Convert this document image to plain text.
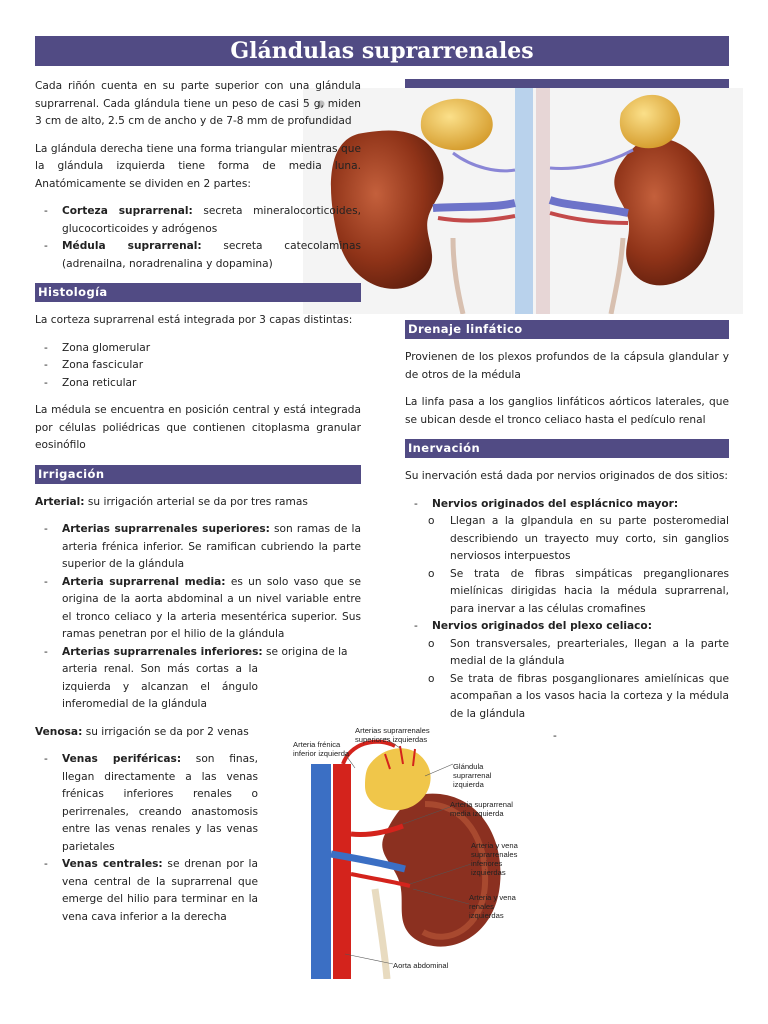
Glándulas suprarrenales

Cada riñón cuenta en su parte superior con una glándula suprarrenal. Cada glándula tiene un peso de casi 5 g, miden 3 cm de alto, 2.5 cm de ancho y de 7-8 mm de profundidad

La glándula derecha tiene una forma triangular mientras que la glándula izquierda tiene forma de media luna. Anatómicamente se dividen en 2 partes:

- Corteza suprarrenal: secreta mineralocorticoides, glucocorticoides y adrógenos
- Médula suprarrenal: secreta catecolaminas (adrenailna, noradrenalina y dopamina)
Histología

La corteza suprarrenal está integrada por 3 capas distintas:

- Zona glomerular
- Zona fascicular
- Zona reticular

La médula se encuentra en posición central y está integrada por células poliédricas que contienen citoplasma granular eosinófilo

Irrigación

Arterial: su irrigación arterial se da por tres ramas

- Arterias suprarrenales superiores: son ramas de la arteria frénica inferior. Se ramifican cubriendo la parte superior de la glándula
- Arteria suprarrenal media: es un solo vaso que se origina de la aorta abdominal a un nivel variable entre el tronco celiaco y la arteria mesentérica superior. Sus ramas penetran por el hilio de la glándula
- Arterias suprarrenales inferiores: se origina de la

arteria renal. Son más cortas a la izquierda y alcanzan el ángulo inferomedial de la glándula

Venosa: su irrigación se da por 2 venas

- Venas periféricas: son finas, llegan directamente a las venas frénicas inferiores renales o perirrenales, creando anastomosis entre las venas renales y las venas parietales
- Venas centrales: se drenan por la vena central de la suprarrenal que emerge del hilio para terminar en la vena cava inferior a la derecha
Drenaje linfático

Provienen de los plexos profundos de la cápsula glandular y de otros de la médula

La linfa pasa a los ganglios linfáticos aórticos laterales, que se ubican desde el tronco celiaco hasta el pedículo renal

Inervación

Su inervación está dada por nervios originados de dos sitios:

- Nervios originados del esplácnico mayor:
o Llegan a la glpandula en su parte posteromedial describiendo un trayecto muy corto, sin ganglios nerviosos interpuestos
o Se trata de fibras simpáticas preganglionares mielínicas dirigidas hacia la médula suprarrenal, para inervar a las células cromafines
- Nervios originados del plexo celiaco:
o Son transversales, prearteriales, llegan a la parte medial de la glándula
o Se trata de fibras posganglionares amielínicas que acompañan a los vasos hacia la corteza y la médula de la glándula
-
Arterias suprarrenales superiores izquierdas
Arteria frénica inferior izquierda
Glándula suprarrenal izquierda
Arteria suprarrenal media izquierda
Arteria y vena suprarrenales inferiores izquierdas
Arteria y vena renales izquierdas
Aorta abdominal
